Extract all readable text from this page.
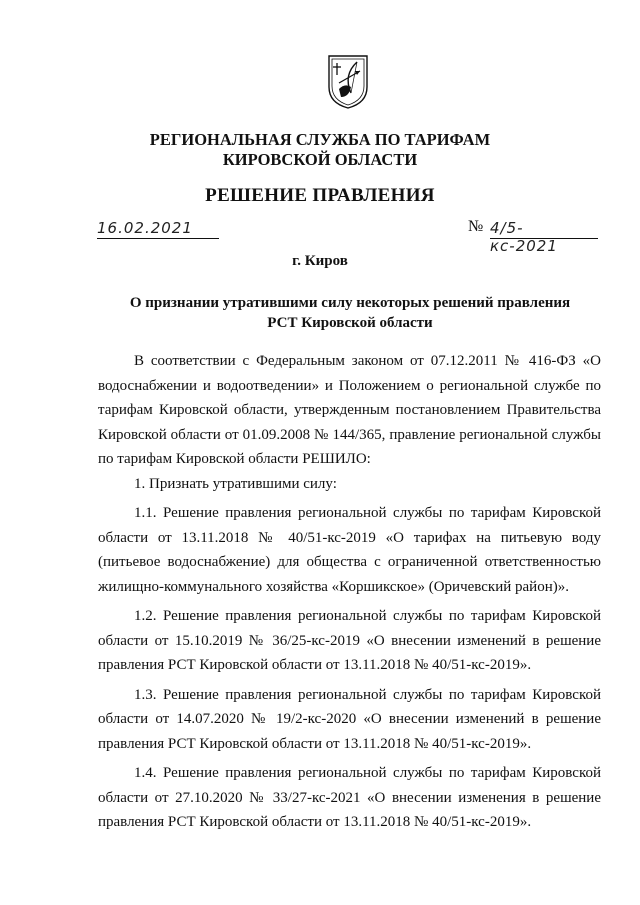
РЕГИОНАЛЬНАЯ СЛУЖБА ПО ТАРИФАМ
КИРОВСКОЙ ОБЛАСТИ
РЕШЕНИЕ ПРАВЛЕНИЯ
16.02.2021	№ 4/5-кс-2021
г. Киров
О признании утратившими силу некоторых решений правления
РСТ Кировской области

В соответствии с Федеральным законом от 07.12.2011 № 416-ФЗ «О водоснабжении и водоотведении» и Положением о региональной службе по тарифам Кировской области, утвержденным постановлением Правительства Кировской области от 01.09.2008 № 144/365, правление региональной службы по тарифам Кировской области РЕШИЛО:

1. Признать утратившими силу:

1.1. Решение правления региональной службы по тарифам Кировской области от 13.11.2018 № 40/51-кс-2019 «О тарифах на питьевую воду (питьевое водоснабжение) для общества с ограниченной ответственностью жилищно-коммунального хозяйства «Коршикское» (Оричевский район)».

1.2. Решение правления региональной службы по тарифам Кировской области от 15.10.2019 № 36/25-кс-2019 «О внесении изменений в решение правления РСТ Кировской области от 13.11.2018 № 40/51-кс-2019».

1.3. Решение правления региональной службы по тарифам Кировской области от 14.07.2020 № 19/2-кс-2020 «О внесении изменений в решение правления РСТ Кировской области от 13.11.2018 № 40/51-кс-2019».

1.4. Решение правления региональной службы по тарифам Кировской области от 27.10.2020 № 33/27-кс-2021 «О внесении изменения в решение правления РСТ Кировской области от 13.11.2018 № 40/51-кс-2019».
